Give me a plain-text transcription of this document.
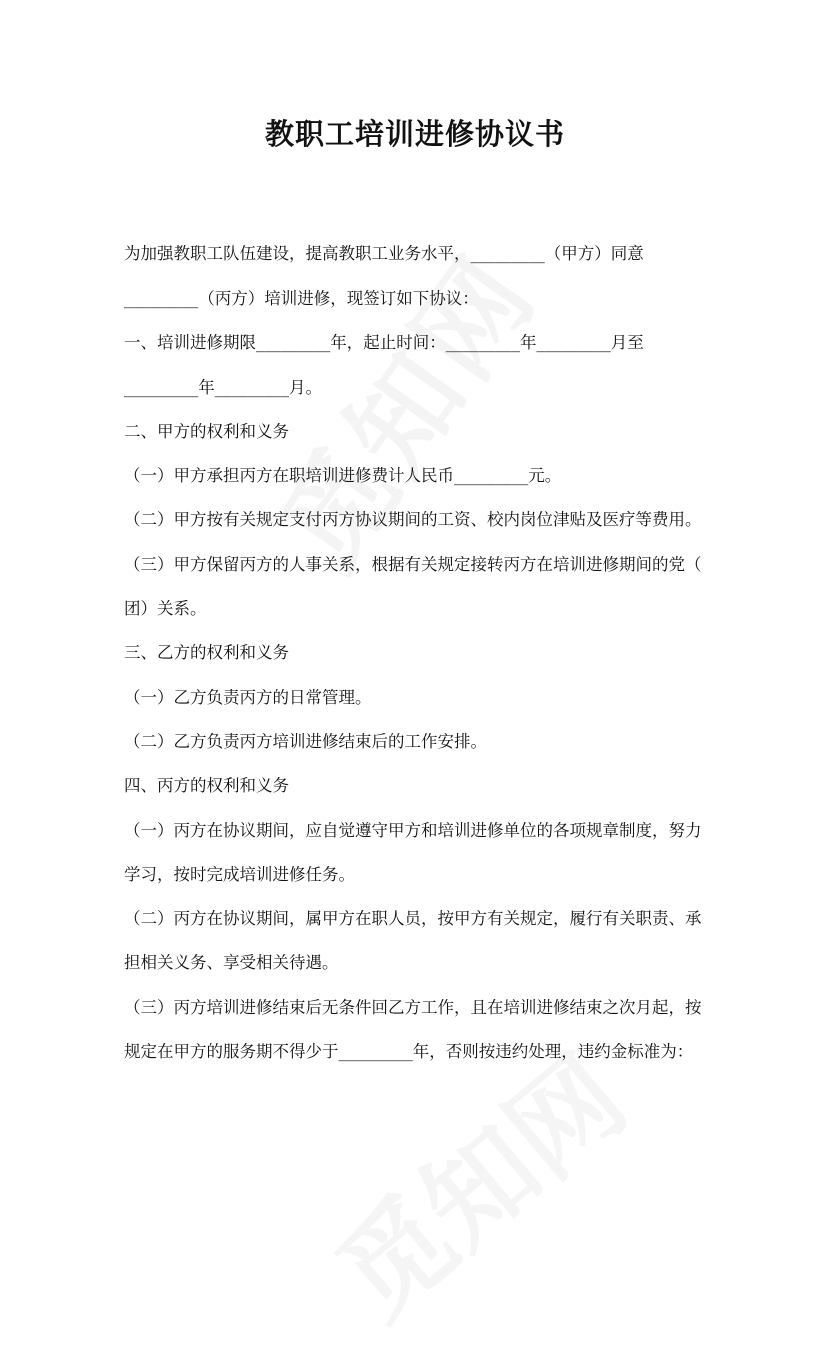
教职工培训进修协议书
为加强教职工队伍建设，提高教职工业务水平，_________（甲方）同意
_________（丙方）培训进修，现签订如下协议：
一、培训进修期限_________年，起止时间：_________年_________月至
_________年_________月。
二、甲方的权利和义务
（一）甲方承担丙方在职培训进修费计人民币_________元。
（二）甲方按有关规定支付丙方协议期间的工资、校内岗位津贴及医疗等费用。
（三）甲方保留丙方的人事关系，根据有关规定接转丙方在培训进修期间的党（
团）关系。
三、乙方的权利和义务
（一）乙方负责丙方的日常管理。
（二）乙方负责丙方培训进修结束后的工作安排。
四、丙方的权利和义务
（一）丙方在协议期间，应自觉遵守甲方和培训进修单位的各项规章制度，努力
学习，按时完成培训进修任务。
（二）丙方在协议期间，属甲方在职人员，按甲方有关规定，履行有关职责、承
担相关义务、享受相关待遇。
（三）丙方培训进修结束后无条件回乙方工作，且在培训进修结束之次月起，按
规定在甲方的服务期不得少于_________年，否则按违约处理，违约金标准为：
